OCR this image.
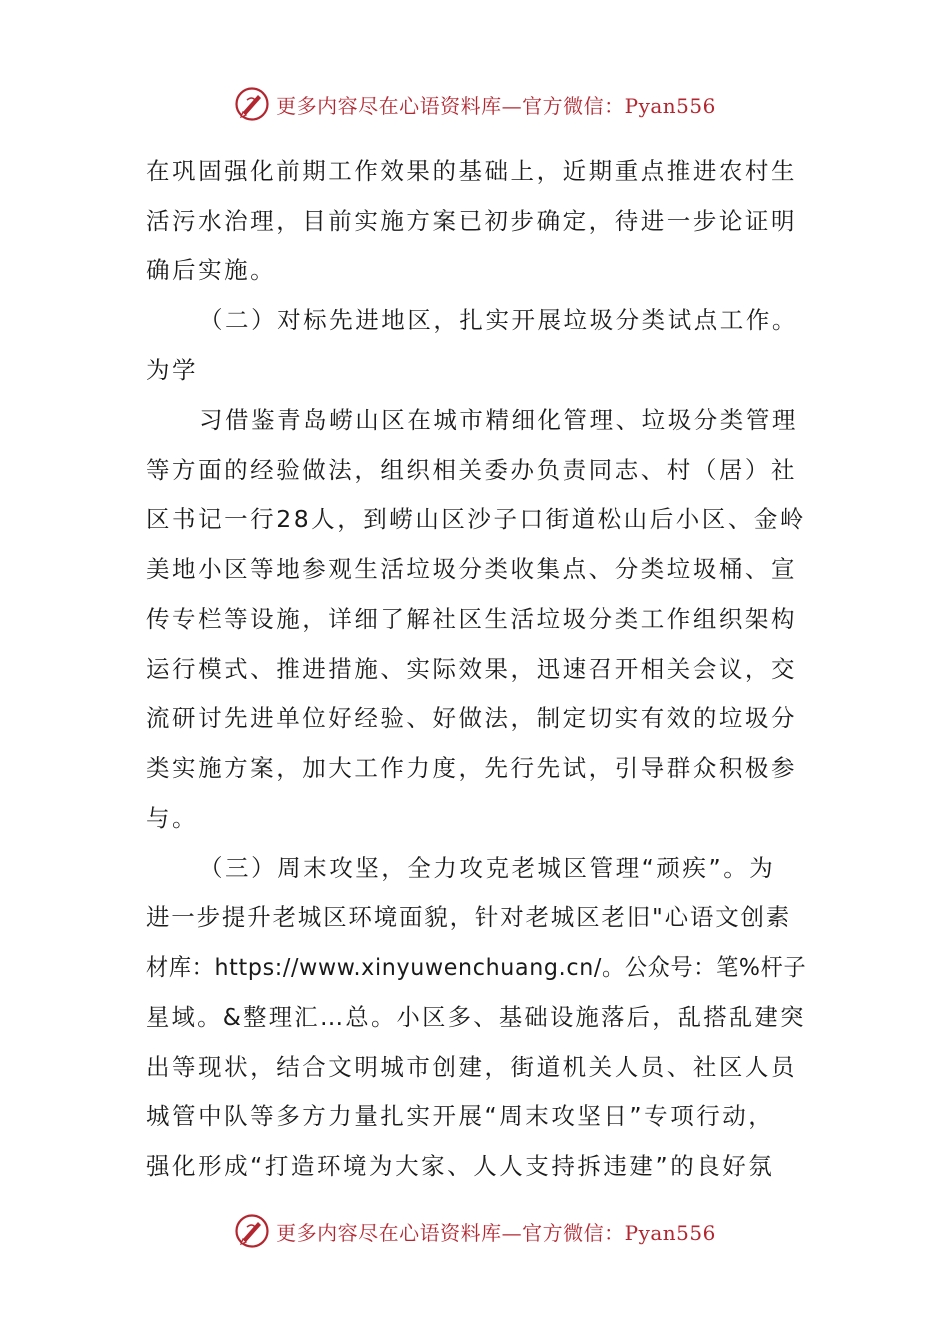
更多内容尽在心语资料库—官方微信：Pyan556
在巩固强化前期工作效果的基础上，近期重点推进农村生
活污水治理，目前实施方案已初步确定，待进一步论证明
确后实施。
（二）对标先进地区，扎实开展垃圾分类试点工作。
为学
习借鉴青岛崂山区在城市精细化管理、垃圾分类管理
等方面的经验做法，组织相关委办负责同志、村（居）社
区书记一行28人，到崂山区沙子口街道松山后小区、金岭
美地小区等地参观生活垃圾分类收集点、分类垃圾桶、宣
传专栏等设施，详细了解社区生活垃圾分类工作组织架构
运行模式、推进措施、实际效果，迅速召开相关会议，交
流研讨先进单位好经验、好做法，制定切实有效的垃圾分
类实施方案，加大工作力度，先行先试，引导群众积极参
与。
（三）周末攻坚，全力攻克老城区管理“顽疾”。为
进一步提升老城区环境面貌，针对老城区老旧"心语文创素
材库：https://www.xinyuwenchuang.cn/。公众号：笔%杆子
星域。&整理汇…总。小区多、基础设施落后，乱搭乱建突
出等现状，结合文明城市创建，街道机关人员、社区人员
城管中队等多方力量扎实开展“周末攻坚日”专项行动，
强化形成“打造环境为大家、人人支持拆违建”的良好氛
更多内容尽在心语资料库—官方微信：Pyan556
